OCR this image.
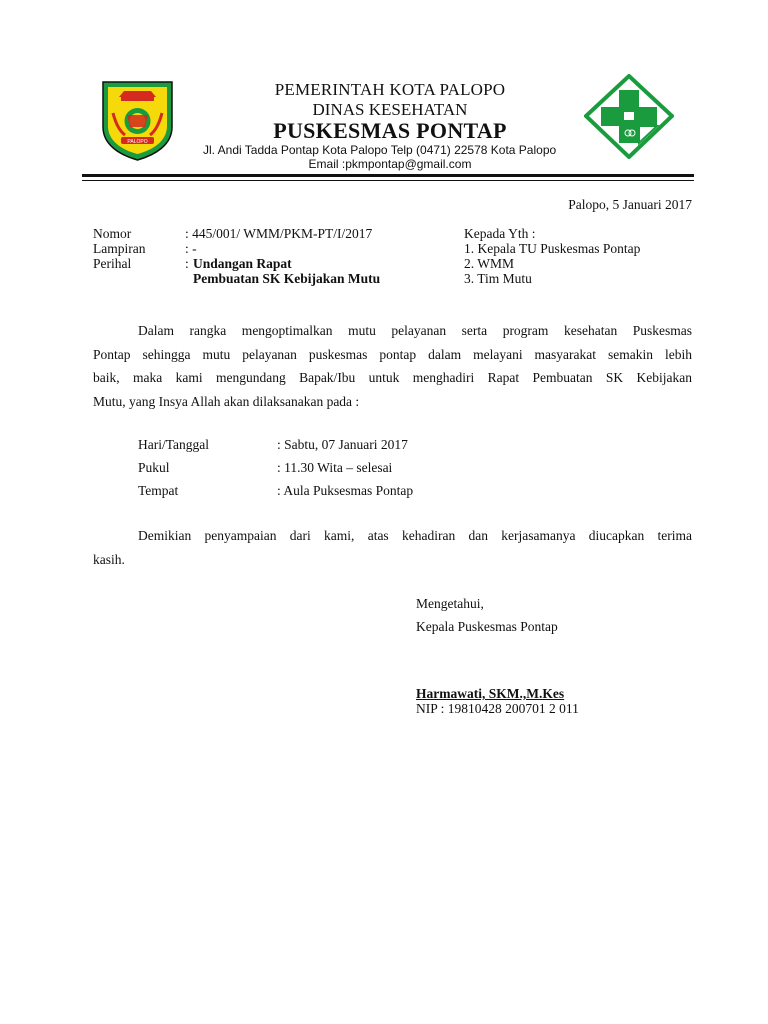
PALOPO
PEMERINTAH KOTA PALOPO
DINAS KESEHATAN
PUSKESMAS PONTAP
Jl. Andi Tadda Pontap Kota Palopo Telp (0471) 22578 Kota Palopo
Email :pkmpontap@gmail.com
Palopo, 5 Januari 2017
Nomor	: 445/001/ WMM/PKM-PT/I/2017
Lampiran	: -
Perihal	: Undangan Rapat
Pembuatan SK Kebijakan Mutu
Kepada Yth :
1. Kepala TU Puskesmas Pontap
2. WMM
3. Tim Mutu
Dalam rangka mengoptimalkan mutu pelayanan serta program kesehatan Puskesmas
Pontap sehingga mutu pelayanan puskesmas pontap dalam melayani masyarakat semakin lebih
baik, maka kami mengundang Bapak/Ibu untuk menghadiri Rapat Pembuatan SK Kebijakan
Mutu, yang Insya Allah akan dilaksanakan pada :
Hari/Tanggal	: Sabtu, 07 Januari 2017
Pukul	: 11.30 Wita – selesai
Tempat	: Aula Puksesmas Pontap
Demikian penyampaian dari kami, atas kehadiran dan kerjasamanya diucapkan terima
kasih.
Mengetahui,
Kepala Puskesmas Pontap
Harmawati, SKM.,M.Kes
NIP : 19810428 200701 2 011
